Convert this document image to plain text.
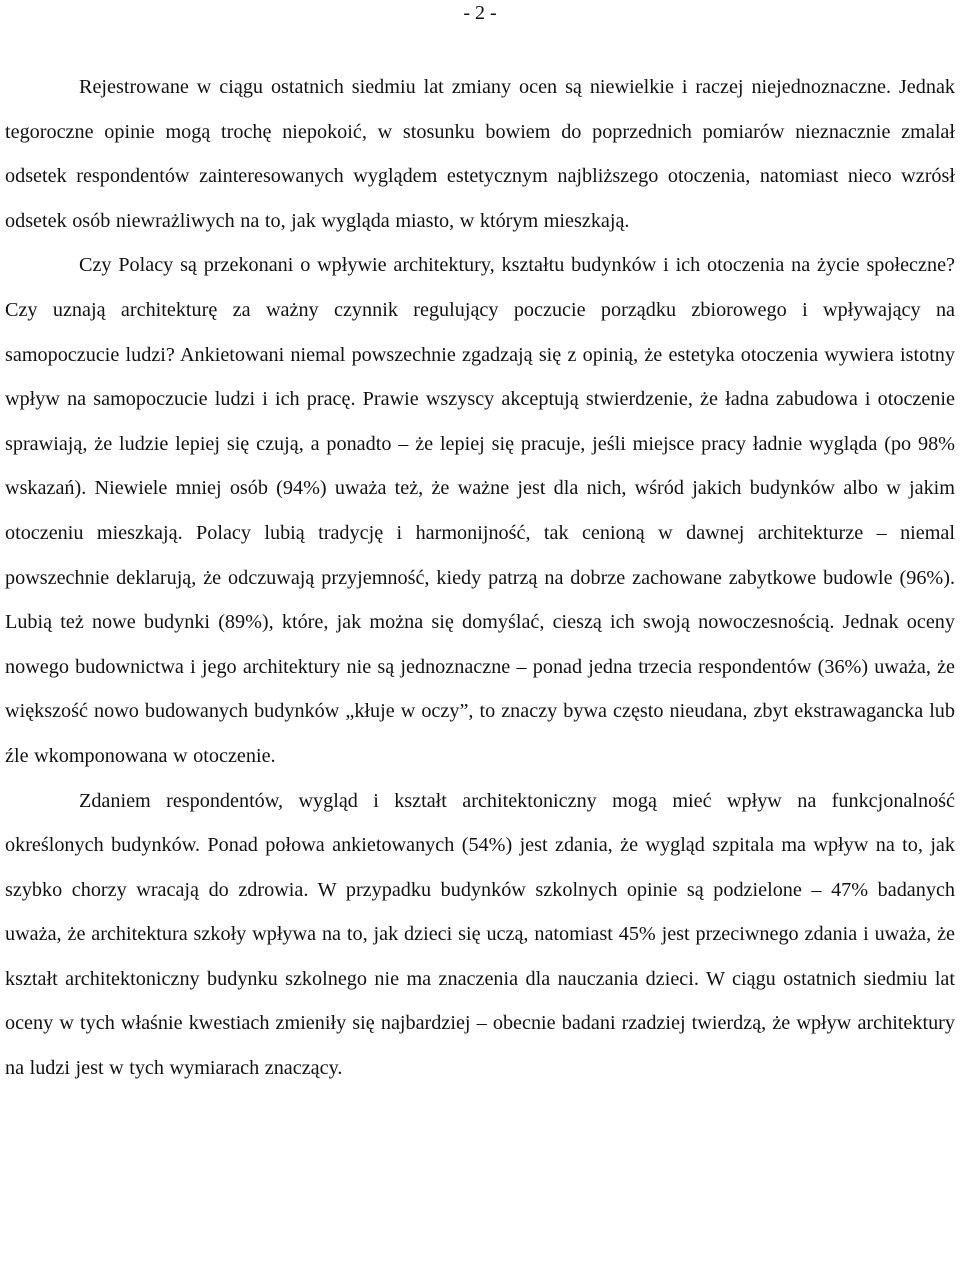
- 2 -

Rejestrowane w ciągu ostatnich siedmiu lat zmiany ocen są niewielkie i raczej niejednoznaczne. Jednak tegoroczne opinie mogą trochę niepokoić, w stosunku bowiem do poprzednich pomiarów nieznacznie zmalał odsetek respondentów zainteresowanych wyglądem estetycznym najbliższego otoczenia, natomiast nieco wzrósł odsetek osób niewrażliwych na to, jak wygląda miasto, w którym mieszkają.

Czy Polacy są przekonani o wpływie architektury, kształtu budynków i ich otoczenia na życie społeczne? Czy uznają architekturę za ważny czynnik regulujący poczucie porządku zbiorowego i wpływający na samopoczucie ludzi? Ankietowani niemal powszechnie zgadzają się z opinią, że estetyka otoczenia wywiera istotny wpływ na samopoczucie ludzi i ich pracę. Prawie wszyscy akceptują stwierdzenie, że ładna zabudowa i otoczenie sprawiają, że ludzie lepiej się czują, a ponadto – że lepiej się pracuje, jeśli miejsce pracy ładnie wygląda (po 98% wskazań). Niewiele mniej osób (94%) uważa też, że ważne jest dla nich, wśród jakich budynków albo w jakim otoczeniu mieszkają. Polacy lubią tradycję i harmonijność, tak cenioną w dawnej architekturze – niemal powszechnie deklarują, że odczuwają przyjemność, kiedy patrzą na dobrze zachowane zabytkowe budowle (96%). Lubią też nowe budynki (89%), które, jak można się domyślać, cieszą ich swoją nowoczesnością. Jednak oceny nowego budownictwa i jego architektury nie są jednoznaczne – ponad jedna trzecia respondentów (36%) uważa, że większość nowo budowanych budynków „kłuje w oczy”, to znaczy bywa często nieudana, zbyt ekstrawagancka lub źle wkomponowana w otoczenie.

Zdaniem respondentów, wygląd i kształt architektoniczny mogą mieć wpływ na funkcjonalność określonych budynków. Ponad połowa ankietowanych (54%) jest zdania, że wygląd szpitala ma wpływ na to, jak szybko chorzy wracają do zdrowia. W przypadku budynków szkolnych opinie są podzielone – 47% badanych uważa, że architektura szkoły wpływa na to, jak dzieci się uczą, natomiast 45% jest przeciwnego zdania i uważa, że kształt architektoniczny budynku szkolnego nie ma znaczenia dla nauczania dzieci. W ciągu ostatnich siedmiu lat oceny w tych właśnie kwestiach zmieniły się najbardziej – obecnie badani rzadziej twierdzą, że wpływ architektury na ludzi jest w tych wymiarach znaczący.
